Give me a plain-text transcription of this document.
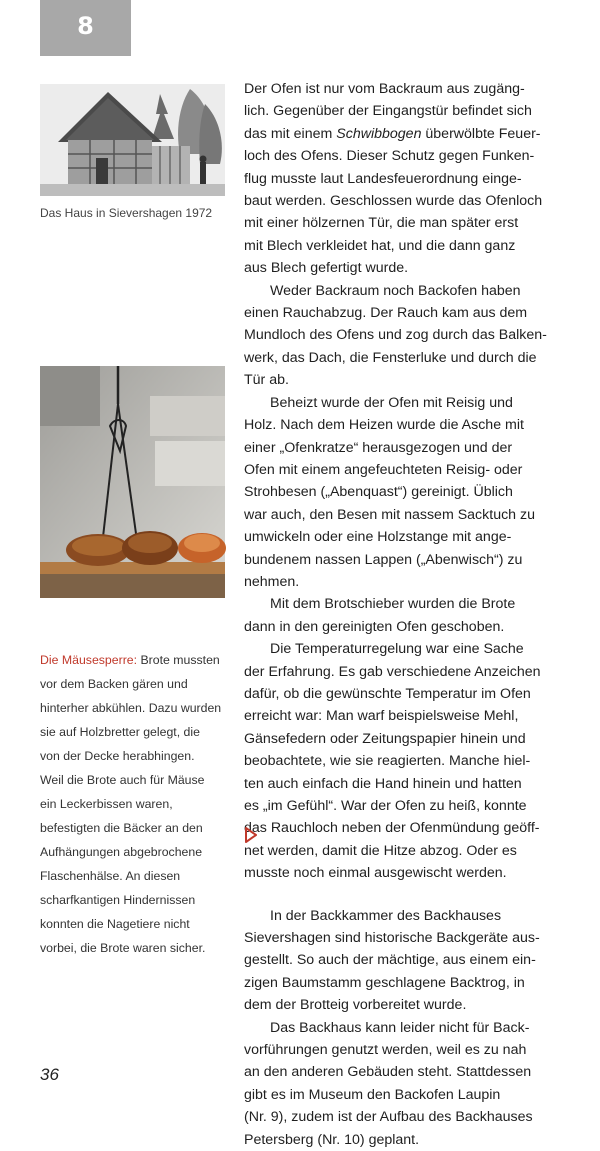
8
Das Haus in Sievershagen 1972
Die Mäusesperre: Brote mussten
vor dem Backen gären und
hinterher abkühlen. Dazu wurden
sie auf Holzbretter gelegt, die
von der Decke herabhingen.
Weil die Brote auch für Mäuse
ein Leckerbissen waren,
befestigten die Bäcker an den
Aufhängungen abgebrochene
Flaschenhälse. An diesen
scharfkantigen Hindernissen
konnten die Nagetiere nicht
vorbei, die Brote waren sicher.
Der Ofen ist nur vom Backraum aus zugäng-
lich. Gegenüber der Eingangstür befindet sich
das mit einem Schwibbogen überwölbte Feuer-
loch des Ofens. Dieser Schutz gegen Funken-
flug musste laut Landesfeuerordnung einge-
baut werden. Geschlossen wurde das Ofenloch
mit einer hölzernen Tür, die man später erst
mit Blech verkleidet hat, und die dann ganz
aus Blech gefertigt wurde.
Weder Backraum noch Backofen haben
einen Rauchabzug. Der Rauch kam aus dem
Mundloch des Ofens und zog durch das Balken-
werk, das Dach, die Fensterluke und durch die
Tür ab.
Beheizt wurde der Ofen mit Reisig und
Holz. Nach dem Heizen wurde die Asche mit
einer „Ofenkratze“ herausgezogen und der
Ofen mit einem angefeuchteten Reisig- oder
Strohbesen („Abenquast“) gereinigt. Üblich
war auch, den Besen mit nassem Sacktuch zu
umwickeln oder eine Holzstange mit ange-
bundenem nassen Lappen („Abenwisch“) zu
nehmen.
Mit dem Brotschieber wurden die Brote
dann in den gereinigten Ofen geschoben.
Die Temperaturregelung war eine Sache
der Erfahrung. Es gab verschiedene Anzeichen
dafür, ob die gewünschte Temperatur im Ofen
erreicht war: Man warf beispielsweise Mehl,
Gänsefedern oder Zeitungspapier hinein und
beobachtete, wie sie reagierten. Manche hiel-
ten auch einfach die Hand hinein und hatten
es „im Gefühl“. War der Ofen zu heiß, konnte
das Rauchloch neben der Ofenmündung geöff-
net werden, damit die Hitze abzog. Oder es
musste noch einmal ausgewischt werden.
In der Backkammer des Backhauses
Sievershagen sind historische Backgeräte aus-
gestellt. So auch der mächtige, aus einem ein-
zigen Baumstamm geschlagene Backtrog, in
dem der Brotteig vorbereitet wurde.
Das Backhaus kann leider nicht für Back-
vorführungen genutzt werden, weil es zu nah
an den anderen Gebäuden steht. Stattdessen
gibt es im Museum den Backofen Laupin
(Nr. 9), zudem ist der Aufbau des Backhauses
Petersberg (Nr. 10) geplant.
36
